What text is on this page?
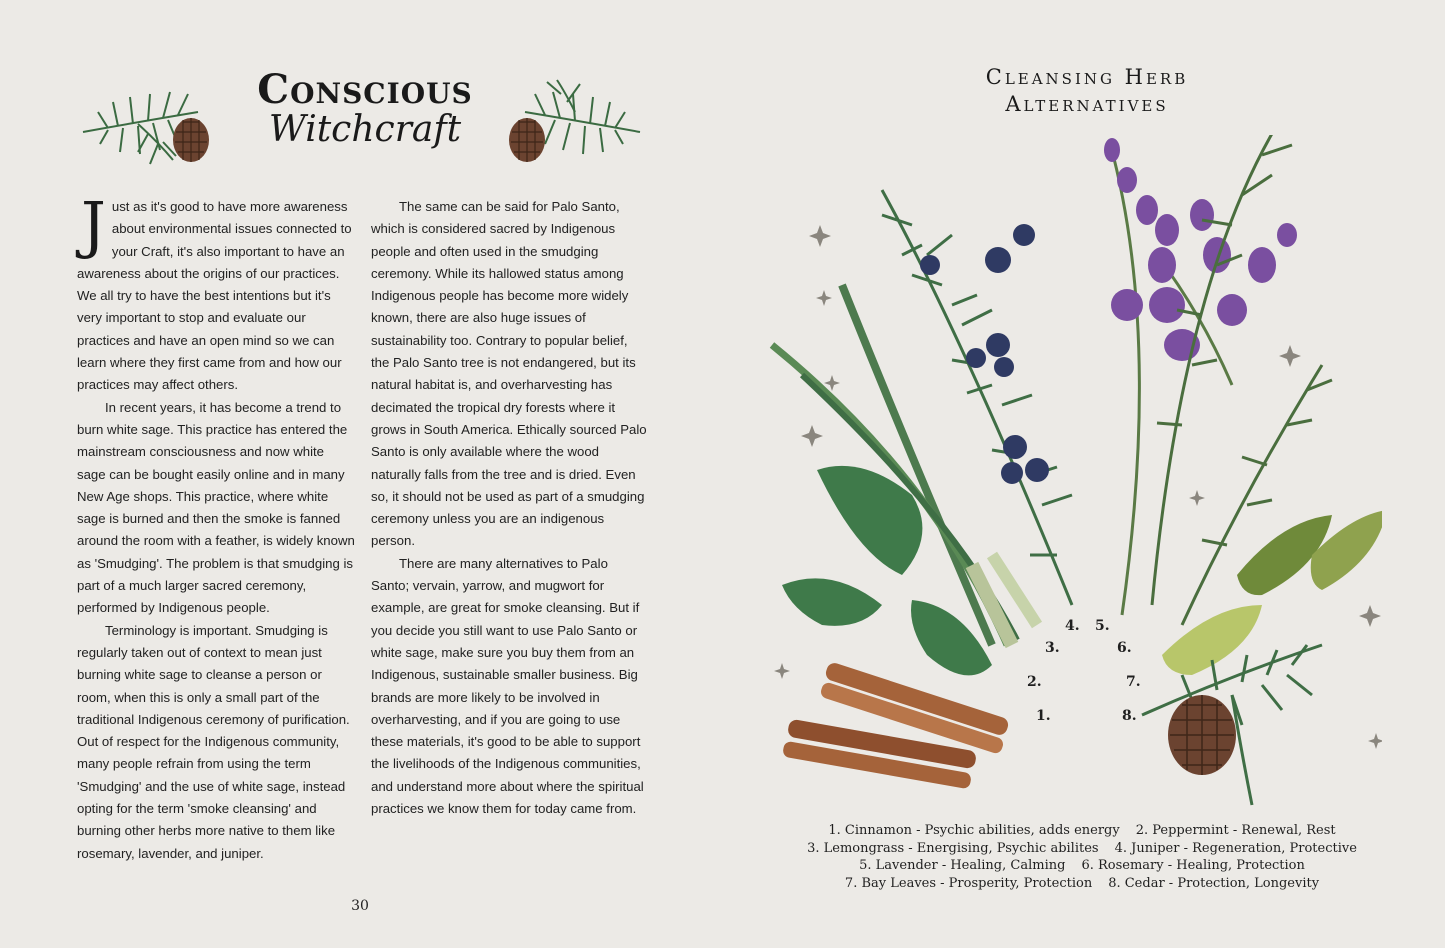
Conscious
Witchcraft

Just as it's good to have more awareness about environmental issues connected to your Craft, it's also important to have an awareness about the origins of our practices. We all try to have the best intentions but it's very important to stop and evaluate our practices and have an open mind so we can learn where they first came from and how our practices may affect others.

In recent years, it has become a trend to burn white sage. This practice has entered the mainstream consciousness and now white sage can be bought easily online and in many New Age shops. This practice, where white sage is burned and then the smoke is fanned around the room with a feather, is widely known as 'Smudging'. The problem is that smudging is part of a much larger sacred ceremony, performed by Indigenous people.

Terminology is important. Smudging is regularly taken out of context to mean just burning white sage to cleanse a person or room, when this is only a small part of the traditional Indigenous ceremony of purification. Out of respect for the Indigenous community, many people refrain from using the term 'Smudging' and the use of white sage, instead opting for the term 'smoke cleansing' and burning other herbs more native to them like rosemary, lavender, and juniper.

The same can be said for Palo Santo, which is considered sacred by Indigenous people and often used in the smudging ceremony. While its hallowed status among Indigenous people has become more widely known, there are also huge issues of sustainability too. Contrary to popular belief, the Palo Santo tree is not endangered, but its natural habitat is, and overharvesting has decimated the tropical dry forests where it grows in South America. Ethically sourced Palo Santo is only available where the wood naturally falls from the tree and is dried. Even so, it should not be used as part of a smudging ceremony unless you are an indigenous person.

There are many alternatives to Palo Santo; vervain, yarrow, and mugwort for example, are great for smoke cleansing. But if you decide you still want to use Palo Santo or white sage, make sure you buy them from an Indigenous, sustainable smaller business. Big brands are more likely to be involved in overharvesting, and if you are going to use these materials, it's good to be able to support the livelihoods of the Indigenous communities, and understand more about where the spiritual practices we know them for today came from.

30
Cleansing Herb
Alternatives
1.
2.
3.
4. 5.
6.
7.
8.
1. Cinnamon - Psychic abilities, adds energy 2. Peppermint - Renewal, Rest
3. Lemongrass - Energising, Psychic abilites 4. Juniper - Regeneration, Protective
5. Lavender - Healing, Calming 6. Rosemary - Healing, Protection
7. Bay Leaves - Prosperity, Protection 8. Cedar - Protection, Longevity
